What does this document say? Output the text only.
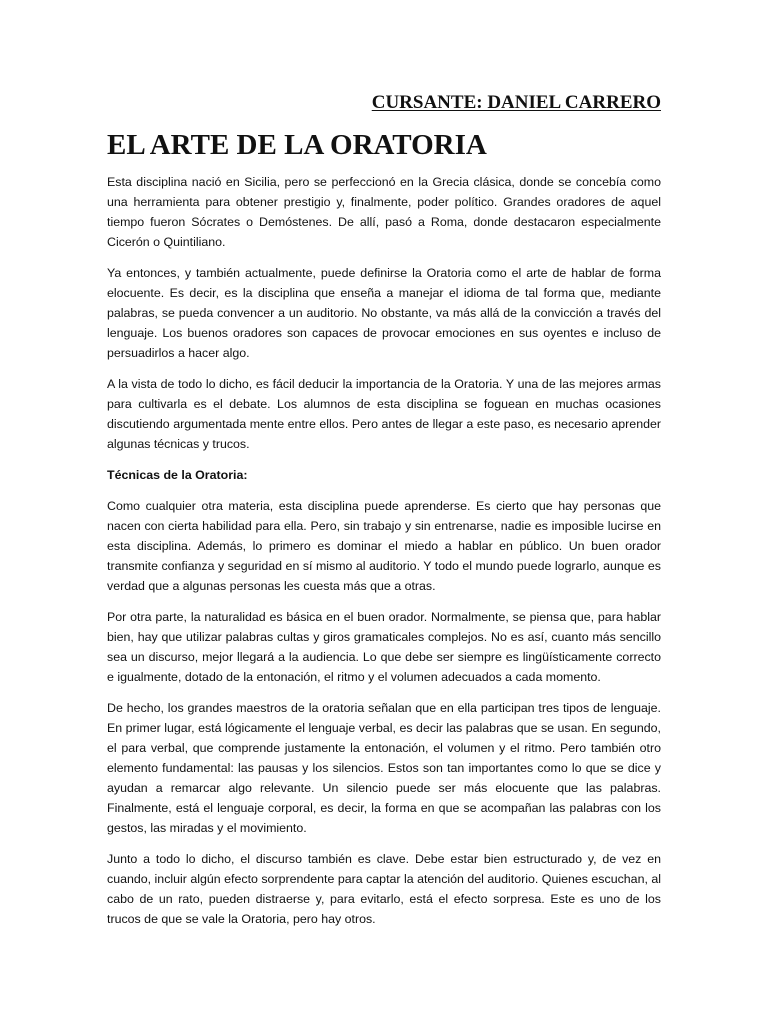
CURSANTE: DANIEL CARRERO
EL ARTE DE LA ORATORIA

Esta disciplina nació en Sicilia, pero se perfeccionó en la Grecia clásica, donde se concebía como una herramienta para obtener prestigio y, finalmente, poder político. Grandes oradores de aquel tiempo fueron Sócrates o Demóstenes. De allí, pasó a Roma, donde destacaron especialmente Cicerón o Quintiliano.

Ya entonces, y también actualmente, puede definirse la Oratoria como el arte de hablar de forma elocuente. Es decir, es la disciplina que enseña a manejar el idioma de tal forma que, mediante palabras, se pueda convencer a un auditorio. No obstante, va más allá de la convicción a través del lenguaje. Los buenos oradores son capaces de provocar emociones en sus oyentes e incluso de persuadirlos a hacer algo.

A la vista de todo lo dicho, es fácil deducir la importancia de la Oratoria. Y una de las mejores armas para cultivarla es el debate. Los alumnos de esta disciplina se foguean en muchas ocasiones discutiendo argumentada mente entre ellos. Pero antes de llegar a este paso, es necesario aprender algunas técnicas y trucos.

Técnicas de la Oratoria:

Como cualquier otra materia, esta disciplina puede aprenderse. Es cierto que hay personas que nacen con cierta habilidad para ella. Pero, sin trabajo y sin entrenarse, nadie es imposible lucirse en esta disciplina. Además, lo primero es dominar el miedo a hablar en público. Un buen orador transmite confianza y seguridad en sí mismo al auditorio. Y todo el mundo puede lograrlo, aunque es verdad que a algunas personas les cuesta más que a otras.

Por otra parte, la naturalidad es básica en el buen orador. Normalmente, se piensa que, para hablar bien, hay que utilizar palabras cultas y giros gramaticales complejos. No es así, cuanto más sencillo sea un discurso, mejor llegará a la audiencia. Lo que debe ser siempre es lingüísticamente correcto e igualmente, dotado de la entonación, el ritmo y el volumen adecuados a cada momento.

De hecho, los grandes maestros de la oratoria señalan que en ella participan tres tipos de lenguaje. En primer lugar, está lógicamente el lenguaje verbal, es decir las palabras que se usan. En segundo, el para verbal, que comprende justamente la entonación, el volumen y el ritmo. Pero también otro elemento fundamental: las pausas y los silencios. Estos son tan importantes como lo que se dice y ayudan a remarcar algo relevante. Un silencio puede ser más elocuente que las palabras. Finalmente, está el lenguaje corporal, es decir, la forma en que se acompañan las palabras con los gestos, las miradas y el movimiento.

Junto a todo lo dicho, el discurso también es clave. Debe estar bien estructurado y, de vez en cuando, incluir algún efecto sorprendente para captar la atención del auditorio. Quienes escuchan, al cabo de un rato, pueden distraerse y, para evitarlo, está el efecto sorpresa. Este es uno de los trucos de que se vale la Oratoria, pero hay otros.
